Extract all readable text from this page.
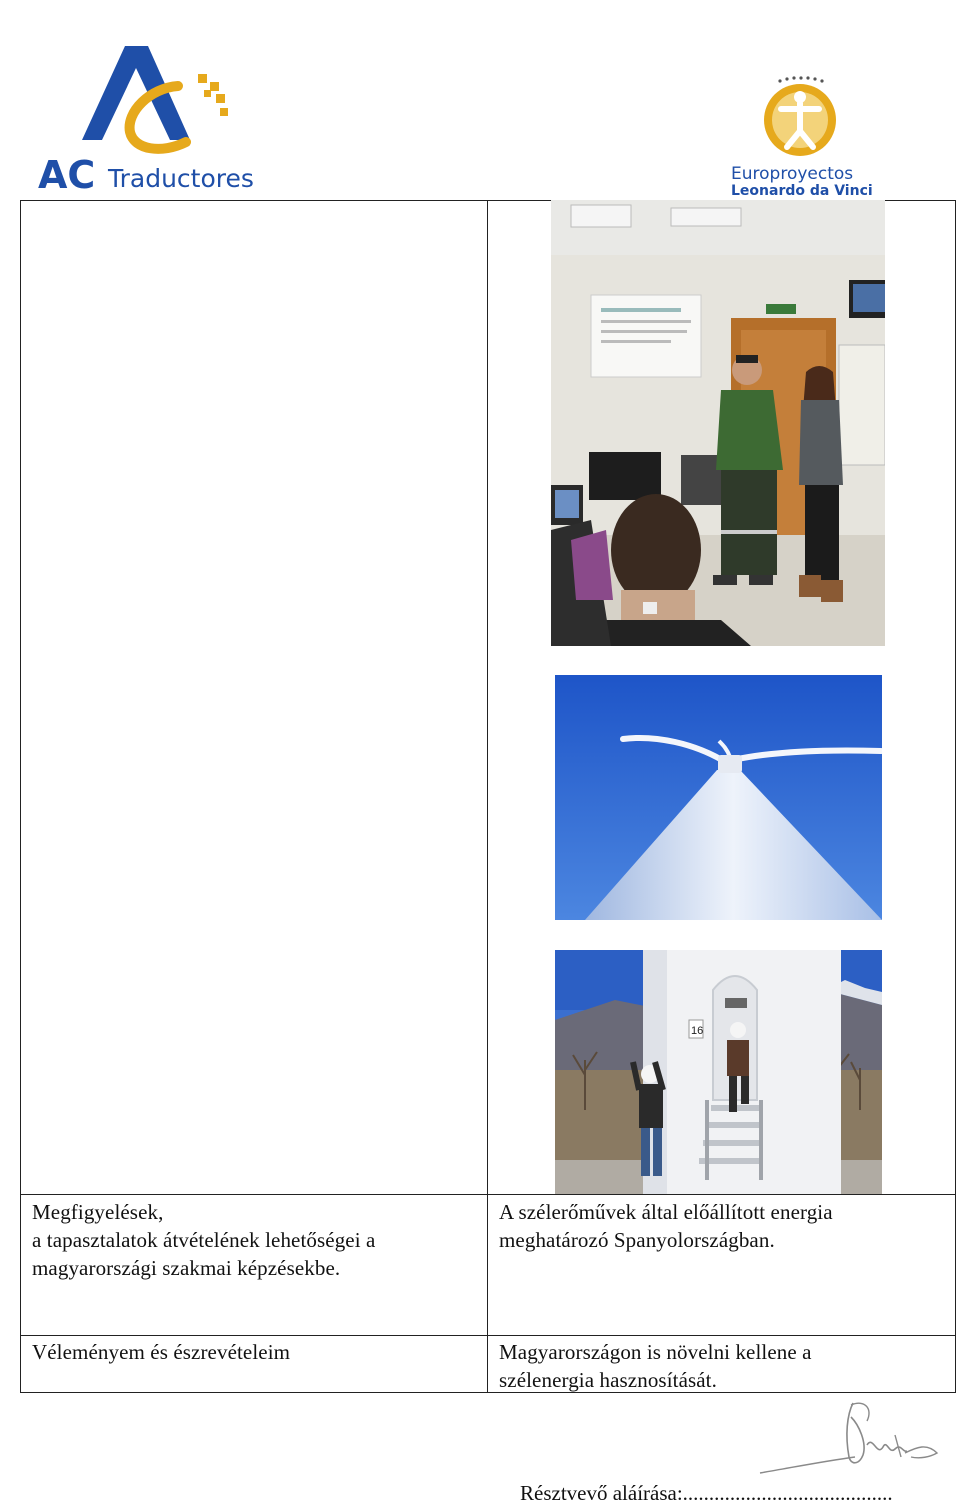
AC Traductores	Europroyectos
Leonardo da Vinci
16
Megfigyelések,
a tapasztalatok átvételének lehetőségei a
magyarországi szakmai képzésekbe.
A szélerőművek által előállított energia
meghatározó Spanyolországban.
Véleményem és észrevételeim	Magyarországon is növelni kellene a
szélenergia hasznosítását.
Résztvevő aláírása:........................................
